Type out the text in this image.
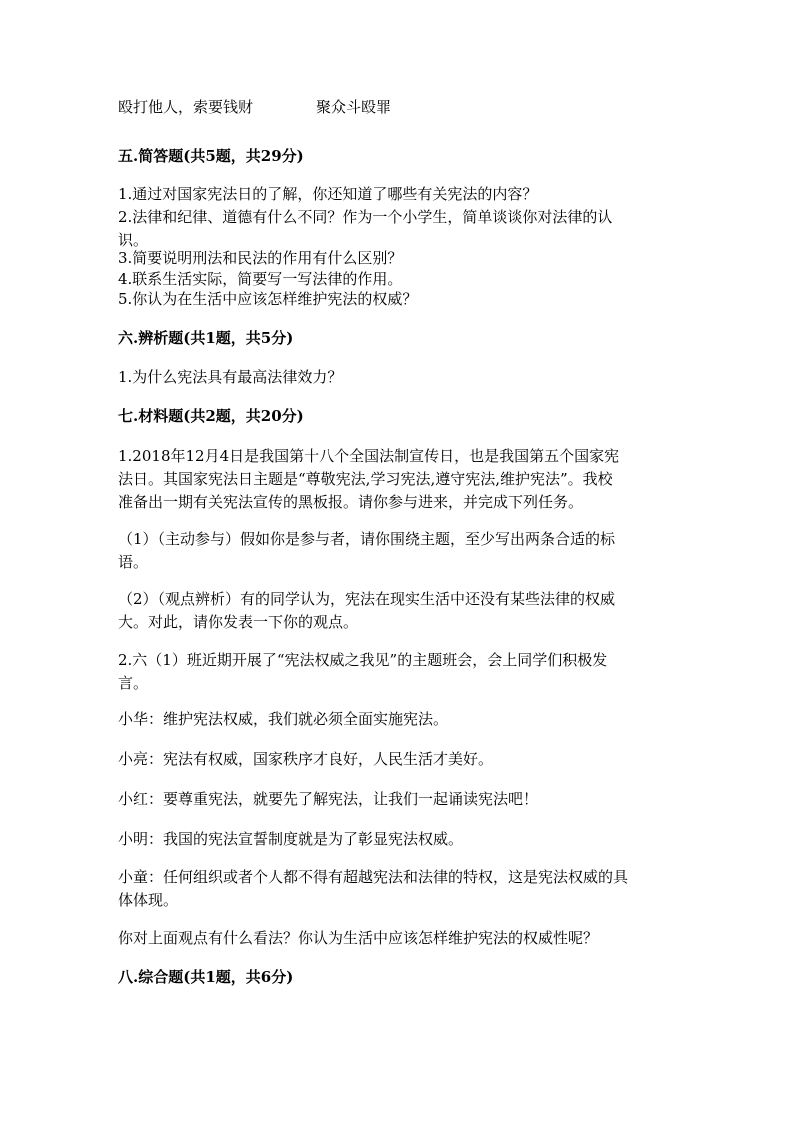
殴打他人，索要钱财	聚众斗殴罪
五.简答题(共5题，共29分)
1.通过对国家宪法日的了解，你还知道了哪些有关宪法的内容？
2.法律和纪律、道德有什么不同？作为一个小学生，简单谈谈你对法律的认
识。
3.简要说明刑法和民法的作用有什么区别？
4.联系生活实际，简要写一写法律的作用。
5.你认为在生活中应该怎样维护宪法的权威？
六.辨析题(共1题，共5分)
1.为什么宪法具有最高法律效力？
七.材料题(共2题，共20分)
1.2018年12月4日是我国第十八个全国法制宣传日，也是我国第五个国家宪
法日。其国家宪法日主题是“尊敬宪法,学习宪法,遵守宪法,维护宪法”。我校
准备出一期有关宪法宣传的黑板报。请你参与进来，并完成下列任务。
（1）（主动参与）假如你是参与者，请你围绕主题，至少写出两条合适的标
语。
（2）（观点辨析）有的同学认为，宪法在现实生活中还没有某些法律的权威
大。对此，请你发表一下你的观点。
2.六（1）班近期开展了“宪法权威之我见”的主题班会，会上同学们积极发
言。
小华：维护宪法权威，我们就必须全面实施宪法。
小亮：宪法有权威，国家秩序才良好，人民生活才美好。
小红：要尊重宪法，就要先了解宪法，让我们一起诵读宪法吧！
小明：我国的宪法宣誓制度就是为了彰显宪法权威。
小童：任何组织或者个人都不得有超越宪法和法律的特权，这是宪法权威的具
体体现。
你对上面观点有什么看法？你认为生活中应该怎样维护宪法的权威性呢？
八.综合题(共1题，共6分)
